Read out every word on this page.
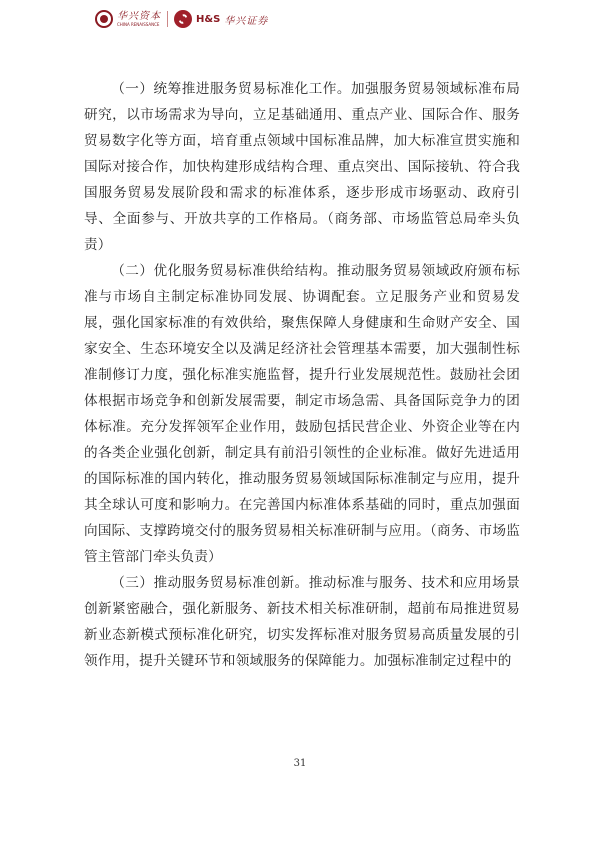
华兴资本
CHINA RENAISSANCE	H&S 华兴证券

（一）统筹推进服务贸易标准化工作。加强服务贸易领域标准布局研究，以市场需求为导向，立足基础通用、重点产业、国际合作、服务贸易数字化等方面，培育重点领域中国标准品牌，加大标准宣贯实施和国际对接合作，加快构建形成结构合理、重点突出、国际接轨、符合我国服务贸易发展阶段和需求的标准体系，逐步形成市场驱动、政府引导、全面参与、开放共享的工作格局。（商务部、市场监管总局牵头负责）

（二）优化服务贸易标准供给结构。推动服务贸易领域政府颁布标准与市场自主制定标准协同发展、协调配套。立足服务产业和贸易发展，强化国家标准的有效供给，聚焦保障人身健康和生命财产安全、国家安全、生态环境安全以及满足经济社会管理基本需要，加大强制性标准制修订力度，强化标准实施监督，提升行业发展规范性。鼓励社会团体根据市场竞争和创新发展需要，制定市场急需、具备国际竞争力的团体标准。充分发挥领军企业作用，鼓励包括民营企业、外资企业等在内的各类企业强化创新，制定具有前沿引领性的企业标准。做好先进适用的国际标准的国内转化，推动服务贸易领域国际标准制定与应用，提升其全球认可度和影响力。在完善国内标准体系基础的同时，重点加强面向国际、支撑跨境交付的服务贸易相关标准研制与应用。（商务、市场监管主管部门牵头负责）

（三）推动服务贸易标准创新。推动标准与服务、技术和应用场景创新紧密融合，强化新服务、新技术相关标准研制，超前布局推进贸易新业态新模式预标准化研究，切实发挥标准对服务贸易高质量发展的引领作用，提升关键环节和领域服务的保障能力。加强标准制定过程中的

31
